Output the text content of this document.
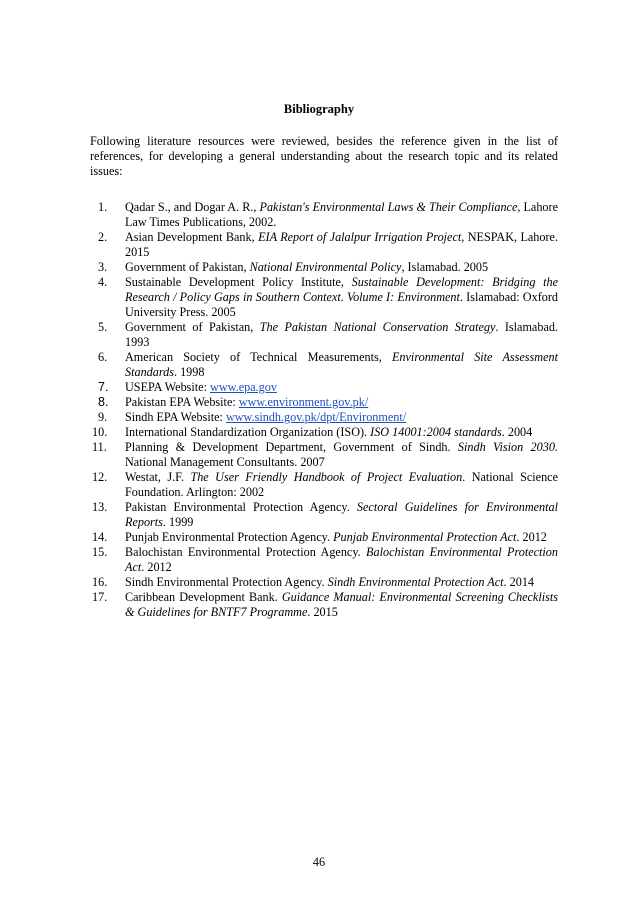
Bibliography

Following literature resources were reviewed, besides the reference given in the list of references, for developing a general understanding about the research topic and its related issues:

1. Qadar S., and Dogar A. R., Pakistan's Environmental Laws & Their Compliance, Lahore Law Times Publications, 2002.
2. Asian Development Bank, EIA Report of Jalalpur Irrigation Project, NESPAK, Lahore. 2015
3. Government of Pakistan, National Environmental Policy, Islamabad. 2005
4. Sustainable Development Policy Institute, Sustainable Development: Bridging the Research / Policy Gaps in Southern Context. Volume I: Environment. Islamabad: Oxford University Press. 2005
5. Government of Pakistan, The Pakistan National Conservation Strategy. Islamabad. 1993
6. American Society of Technical Measurements, Environmental Site Assessment Standards. 1998
7. USEPA Website: www.epa.gov
8. Pakistan EPA Website: www.environment.gov.pk/
9. Sindh EPA Website: www.sindh.gov.pk/dpt/Environment/
10. International Standardization Organization (ISO). ISO 14001:2004 standards. 2004
11. Planning & Development Department, Government of Sindh. Sindh Vision 2030. National Management Consultants. 2007
12. Westat, J.F. The User Friendly Handbook of Project Evaluation. National Science Foundation. Arlington: 2002
13. Pakistan Environmental Protection Agency. Sectoral Guidelines for Environmental Reports. 1999
14. Punjab Environmental Protection Agency. Punjab Environmental Protection Act. 2012
15. Balochistan Environmental Protection Agency. Balochistan Environmental Protection Act. 2012
16. Sindh Environmental Protection Agency. Sindh Environmental Protection Act. 2014
17. Caribbean Development Bank. Guidance Manual: Environmental Screening Checklists & Guidelines for BNTF7 Programme. 2015
46
